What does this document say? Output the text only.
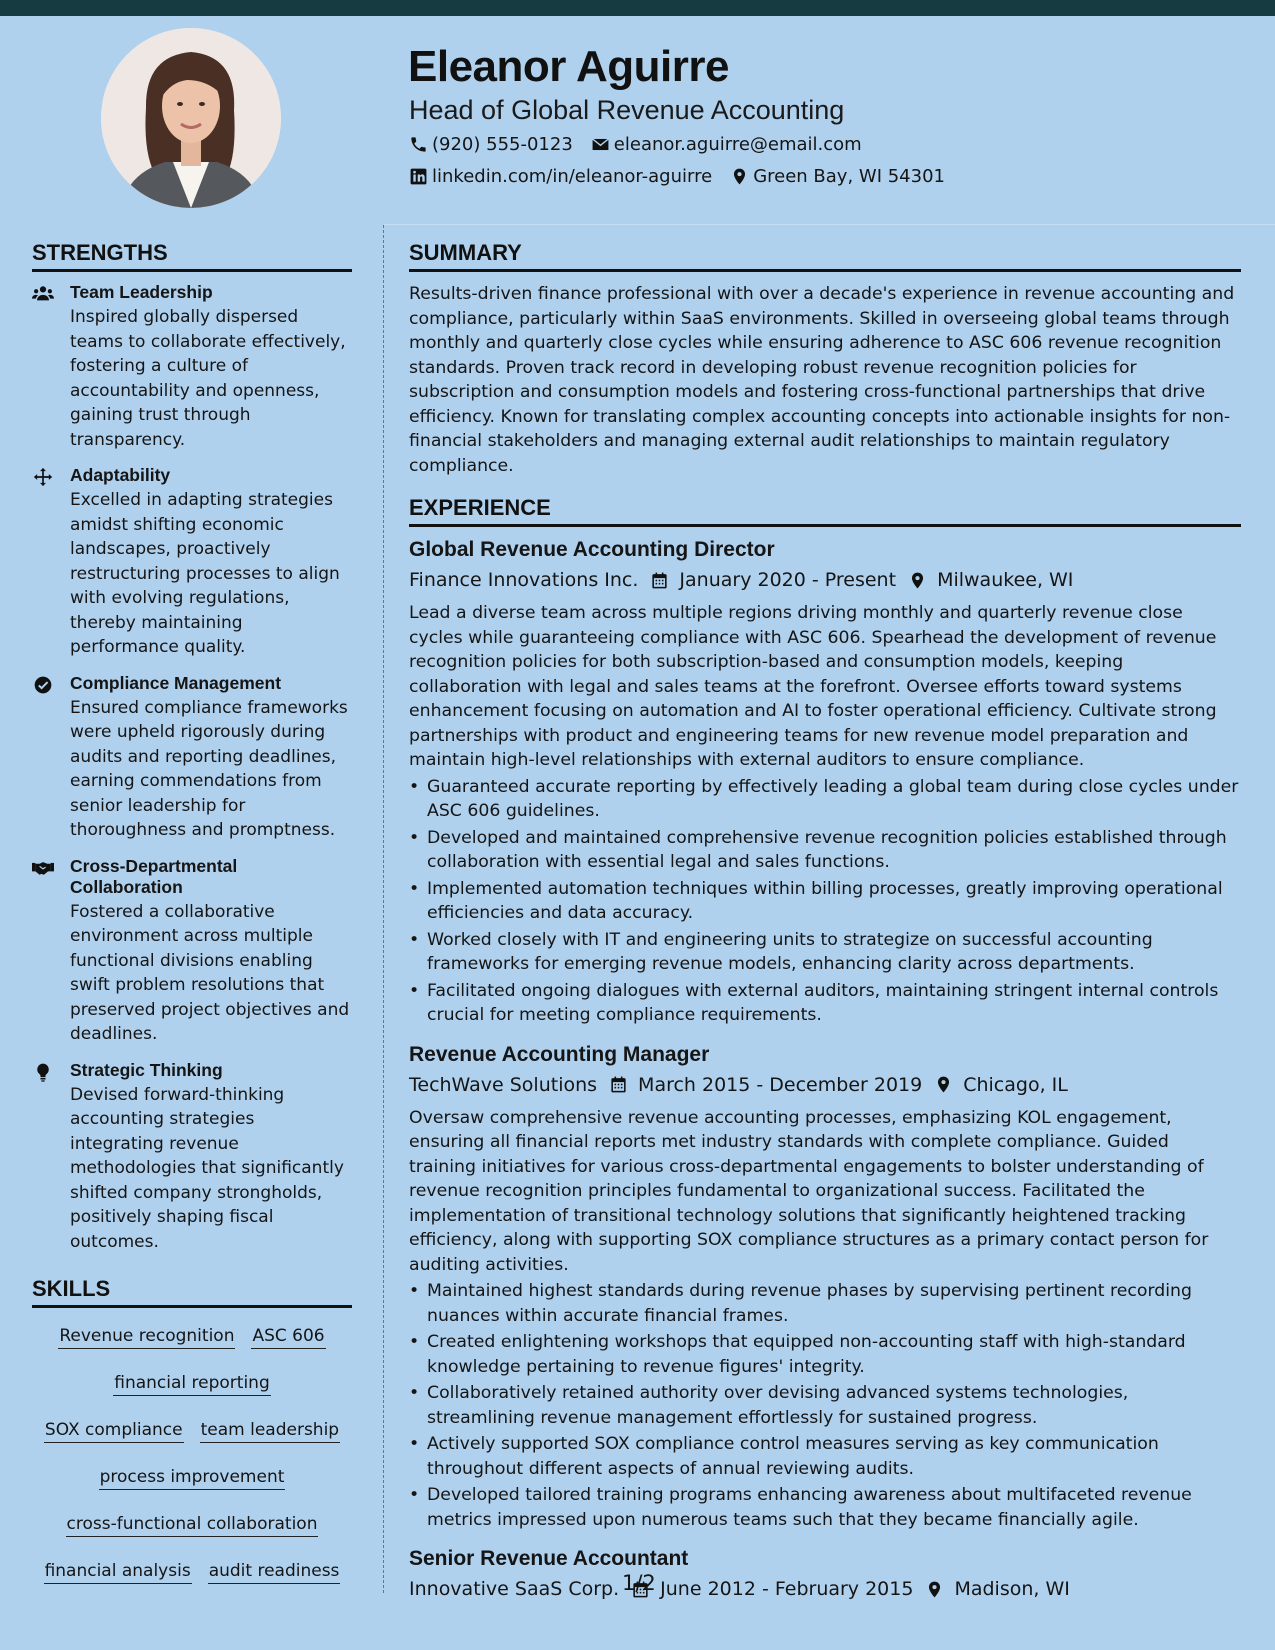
Eleanor Aguirre
Head of Global Revenue Accounting
(920) 555-0123 eleanor.aguirre@email.com
linkedin.com/in/eleanor-aguirre Green Bay, WI 54301
STRENGTHS
Team Leadership
Inspired globally dispersed teams to collaborate effectively, fostering a culture of accountability and openness, gaining trust through transparency.
Adaptability
Excelled in adapting strategies amidst shifting economic landscapes, proactively restructuring processes to align with evolving regulations, thereby maintaining performance quality.
Compliance Management
Ensured compliance frameworks were upheld rigorously during audits and reporting deadlines, earning commendations from senior leadership for thoroughness and promptness.
Cross-Departmental Collaboration
Fostered a collaborative environment across multiple functional divisions enabling swift problem resolutions that preserved project objectives and deadlines.
Strategic Thinking
Devised forward-thinking accounting strategies integrating revenue methodologies that significantly shifted company strongholds, positively shaping fiscal outcomes.
SKILLS
Revenue recognition ASC 606
financial reporting
SOX compliance team leadership
process improvement
cross-functional collaboration
financial analysis audit readiness
SUMMARY
Results-driven finance professional with over a decade's experience in revenue accounting and compliance, particularly within SaaS environments. Skilled in overseeing global teams through monthly and quarterly close cycles while ensuring adherence to ASC 606 revenue recognition standards. Proven track record in developing robust revenue recognition policies for subscription and consumption models and fostering cross-functional partnerships that drive efficiency. Known for translating complex accounting concepts into actionable insights for non-financial stakeholders and managing external audit relationships to maintain regulatory compliance.
EXPERIENCE
Global Revenue Accounting Director
Finance Innovations Inc. January 2020 - Present Milwaukee, WI
Lead a diverse team across multiple regions driving monthly and quarterly revenue close cycles while guaranteeing compliance with ASC 606. Spearhead the development of revenue recognition policies for both subscription-based and consumption models, keeping collaboration with legal and sales teams at the forefront. Oversee efforts toward systems enhancement focusing on automation and AI to foster operational efficiency. Cultivate strong partnerships with product and engineering teams for new revenue model preparation and maintain high-level relationships with external auditors to ensure compliance.
• Guaranteed accurate reporting by effectively leading a global team during close cycles under ASC 606 guidelines.
• Developed and maintained comprehensive revenue recognition policies established through collaboration with essential legal and sales functions.
• Implemented automation techniques within billing processes, greatly improving operational efficiencies and data accuracy.
• Worked closely with IT and engineering units to strategize on successful accounting frameworks for emerging revenue models, enhancing clarity across departments.
• Facilitated ongoing dialogues with external auditors, maintaining stringent internal controls crucial for meeting compliance requirements.
Revenue Accounting Manager
TechWave Solutions March 2015 - December 2019 Chicago, IL
Oversaw comprehensive revenue accounting processes, emphasizing KOL engagement, ensuring all financial reports met industry standards with complete compliance. Guided training initiatives for various cross-departmental engagements to bolster understanding of revenue recognition principles fundamental to organizational success. Facilitated the implementation of transitional technology solutions that significantly heightened tracking efficiency, along with supporting SOX compliance structures as a primary contact person for auditing activities.
• Maintained highest standards during revenue phases by supervising pertinent recording nuances within accurate financial frames.
• Created enlightening workshops that equipped non-accounting staff with high-standard knowledge pertaining to revenue figures' integrity.
• Collaboratively retained authority over devising advanced systems technologies, streamlining revenue management effortlessly for sustained progress.
• Actively supported SOX compliance control measures serving as key communication throughout different aspects of annual reviewing audits.
• Developed tailored training programs enhancing awareness about multifaceted revenue metrics impressed upon numerous teams such that they became financially agile.
Senior Revenue Accountant
Innovative SaaS Corp. June 2012 - February 2015 Madison, WI
1/2
